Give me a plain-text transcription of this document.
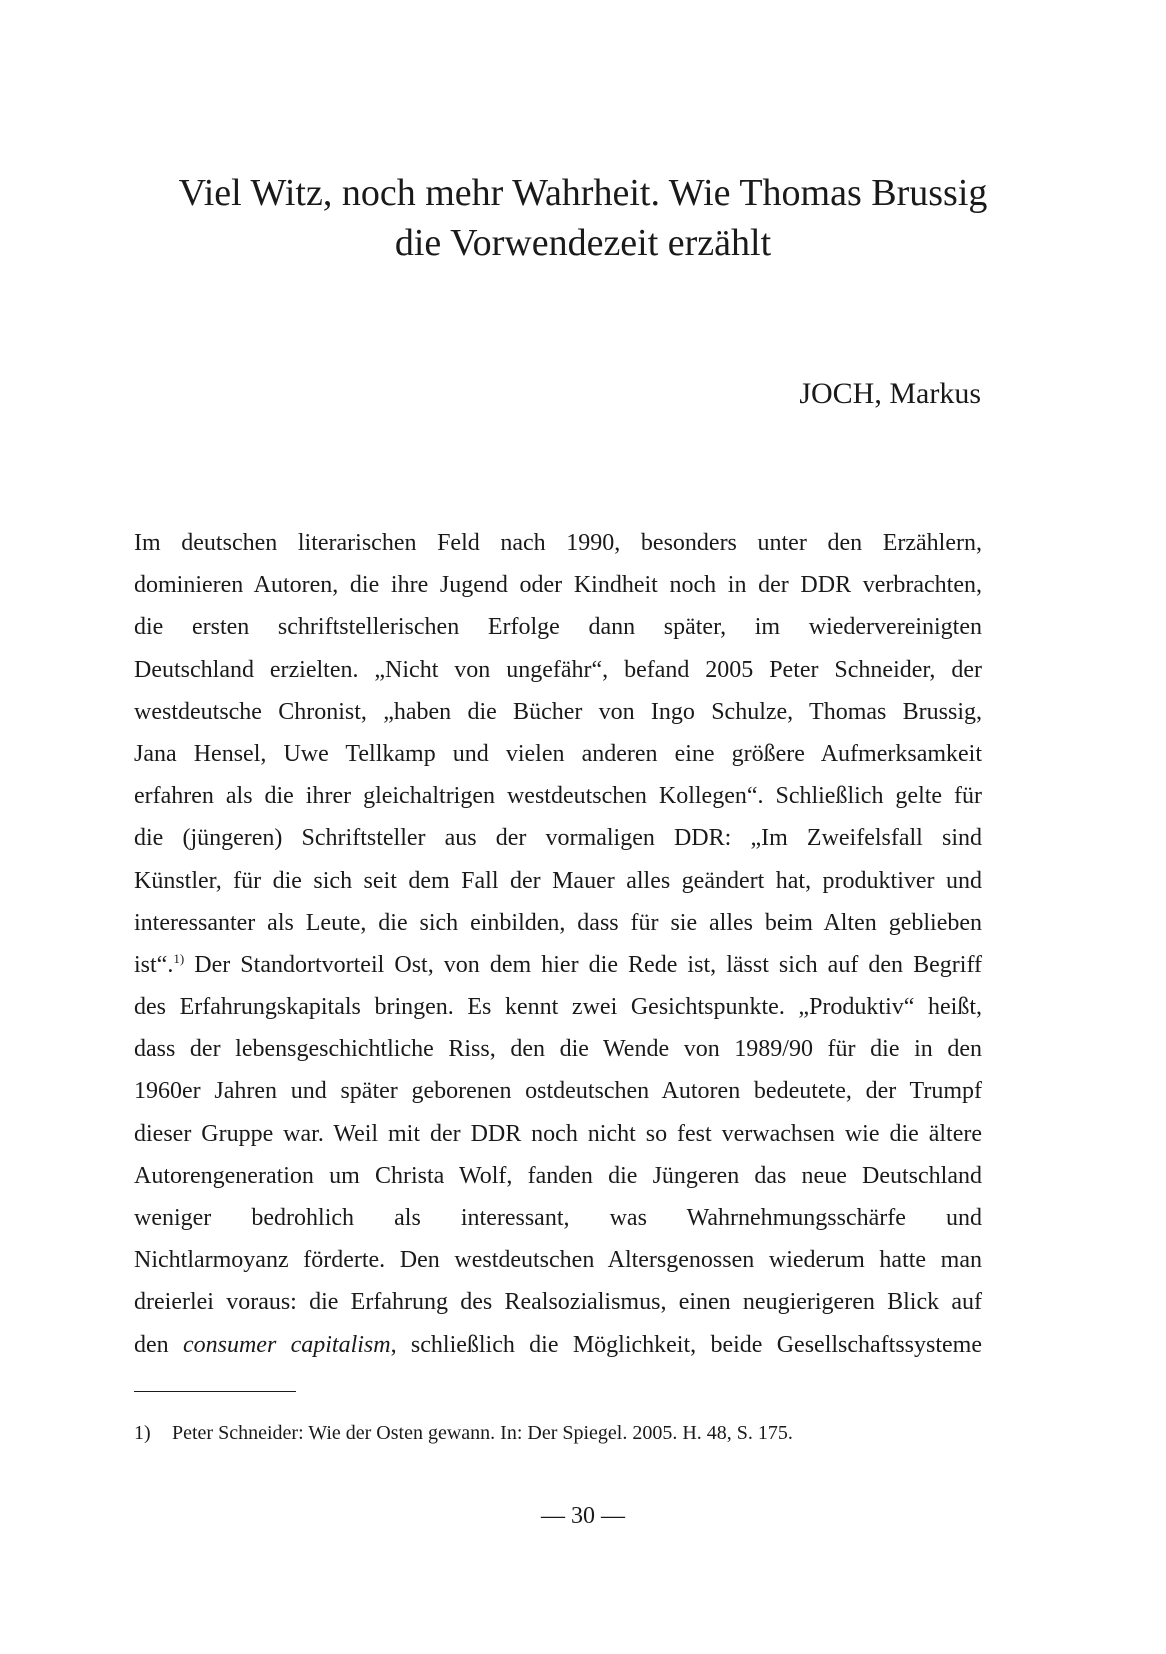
Viel Witz, noch mehr Wahrheit. Wie Thomas Brussig
die Vorwendezeit erzählt

JOCH, Markus

Im deutschen literarischen Feld nach 1990, besonders unter den Erzählern,
dominieren Autoren, die ihre Jugend oder Kindheit noch in der DDR verbrachten,
die ersten schriftstellerischen Erfolge dann später, im wiedervereinigten
Deutschland erzielten. „Nicht von ungefähr“, befand 2005 Peter Schneider, der
westdeutsche Chronist, „haben die Bücher von Ingo Schulze, Thomas Brussig,
Jana Hensel, Uwe Tellkamp und vielen anderen eine größere Aufmerksamkeit
erfahren als die ihrer gleichaltrigen westdeutschen Kollegen“. Schließlich gelte für
die (jüngeren) Schriftsteller aus der vormaligen DDR: „Im Zweifelsfall sind
Künstler, für die sich seit dem Fall der Mauer alles geändert hat, produktiver und
interessanter als Leute, die sich einbilden, dass für sie alles beim Alten geblieben
ist“.$^{1)}$ Der Standortvorteil Ost, von dem hier die Rede ist, lässt sich auf den Begriff
des Erfahrungskapitals bringen. Es kennt zwei Gesichtspunkte. „Produktiv“ heißt,
dass der lebensgeschichtliche Riss, den die Wende von 1989/90 für die in den
1960er Jahren und später geborenen ostdeutschen Autoren bedeutete, der Trumpf
dieser Gruppe war. Weil mit der DDR noch nicht so fest verwachsen wie die ältere
Autorengeneration um Christa Wolf, fanden die Jüngeren das neue Deutschland
weniger bedrohlich als interessant, was Wahrnehmungsschärfe und
Nichtlarmoyanz förderte. Den westdeutschen Altersgenossen wiederum hatte man
dreierlei voraus: die Erfahrung des Realsozialismus, einen neugierigeren Blick auf
den consumer capitalism, schließlich die Möglichkeit, beide Gesellschaftssysteme

1) Peter Schneider: Wie der Osten gewann. In: Der Spiegel. 2005. H. 48, S. 175.

— 30 —
